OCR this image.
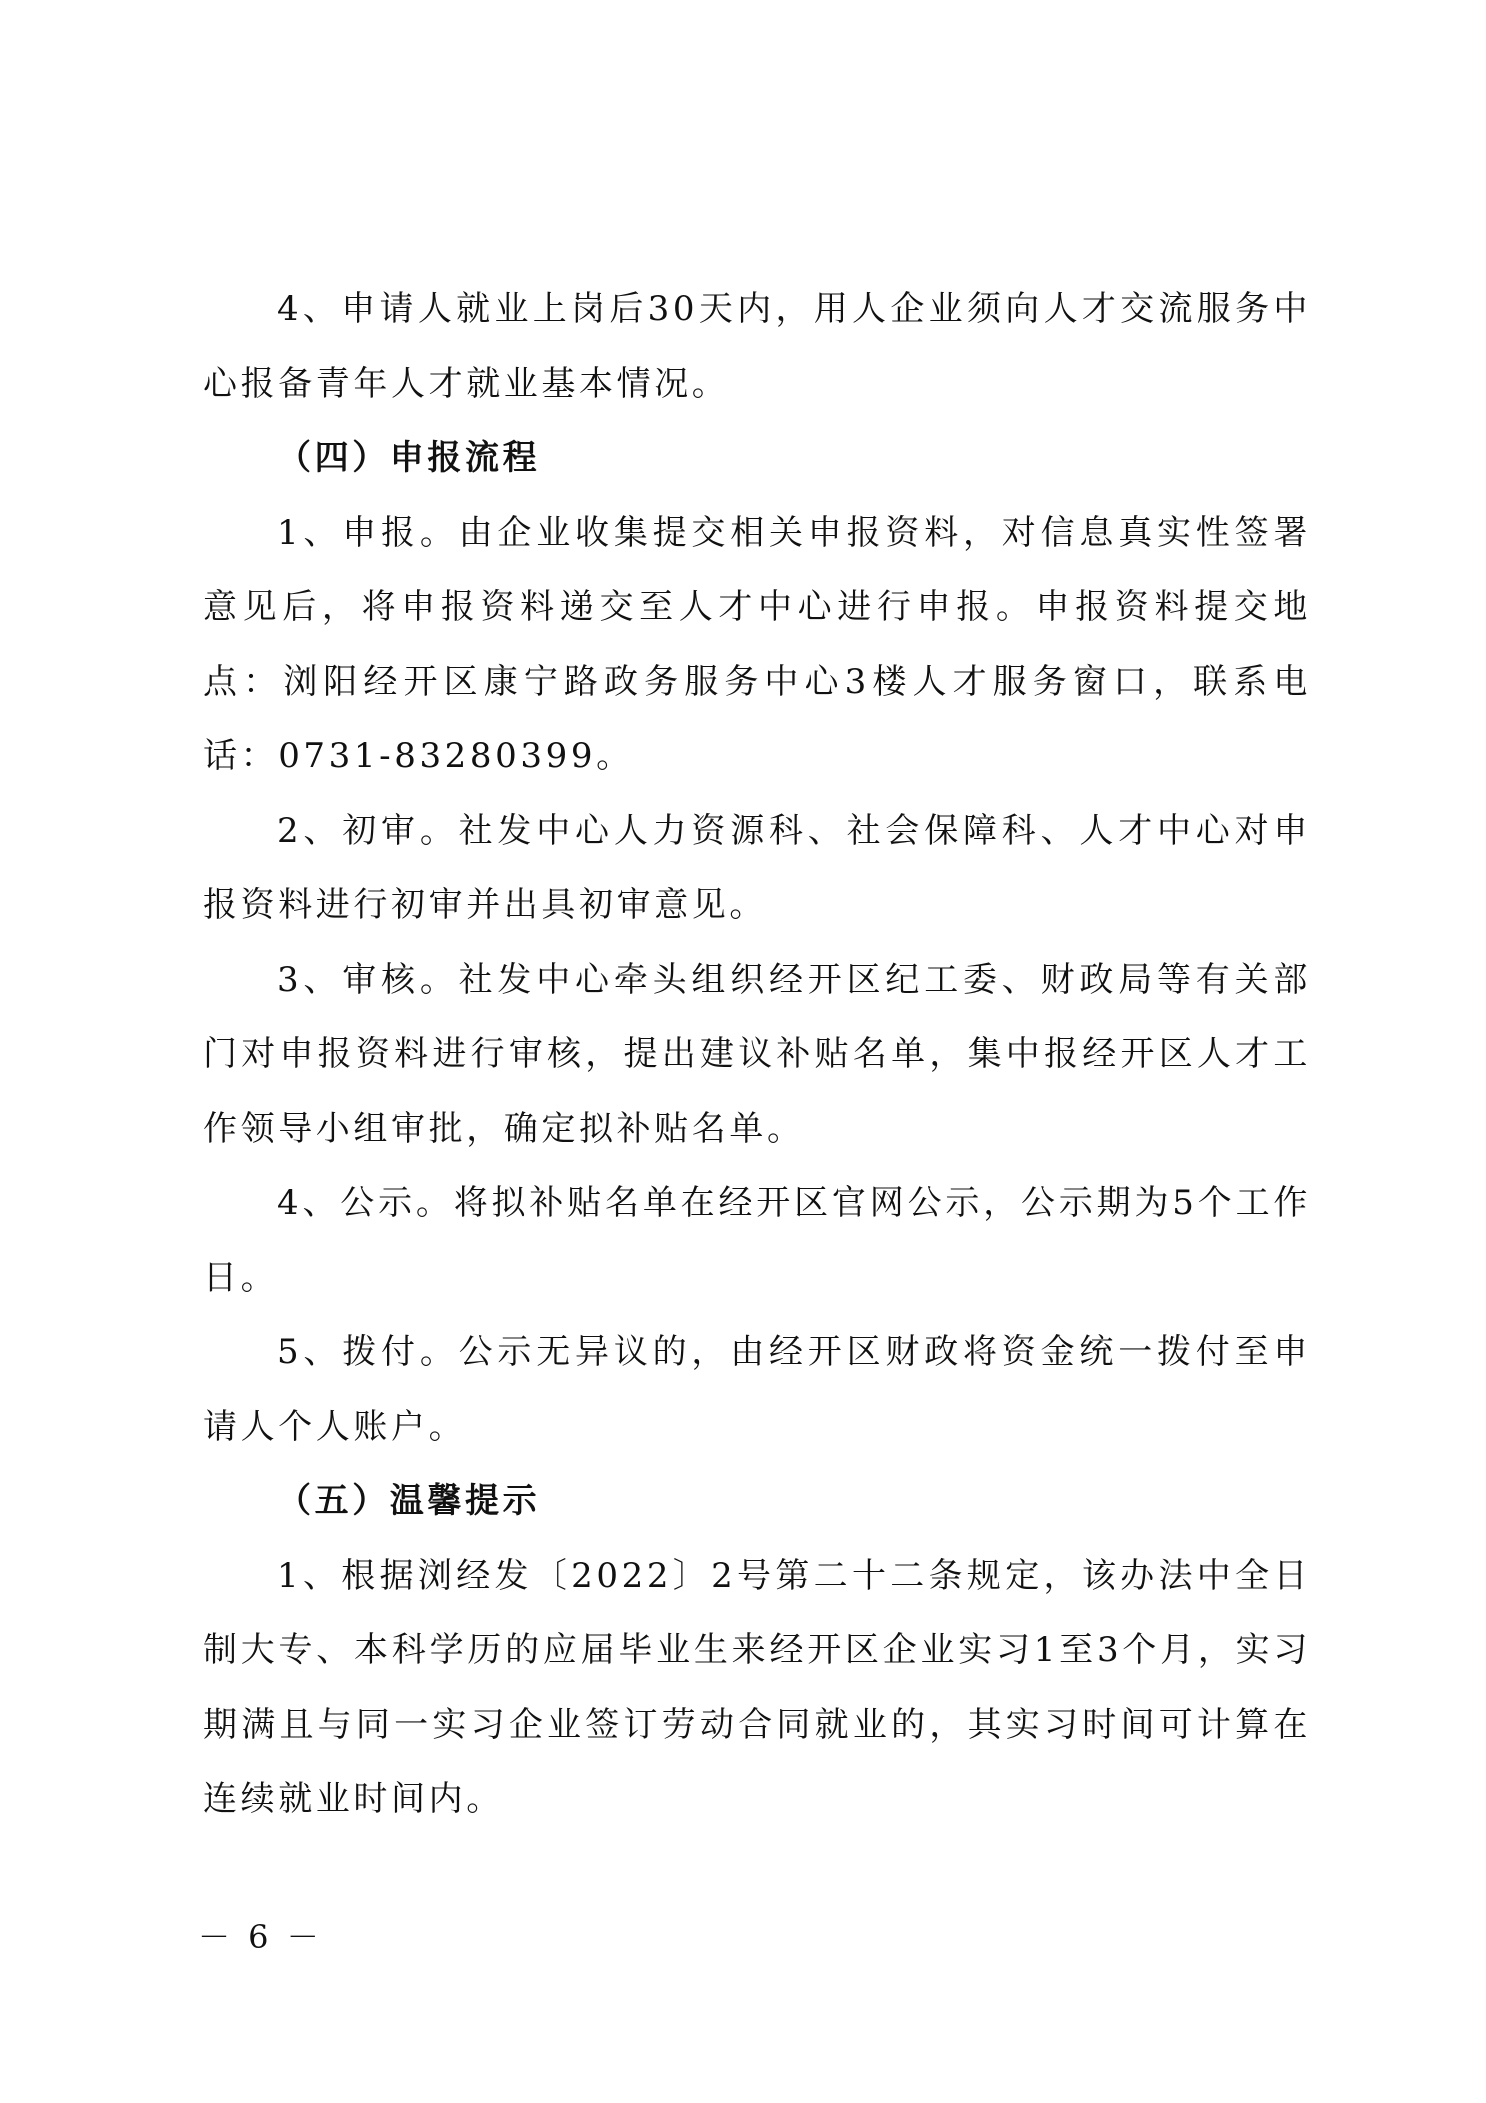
4、申请人就业上岗后30天内，用人企业须向人才交流服务中心报备青年人才就业基本情况。

（四）申报流程

1、申报。由企业收集提交相关申报资料，对信息真实性签署意见后，将申报资料递交至人才中心进行申报。申报资料提交地点：浏阳经开区康宁路政务服务中心3楼人才服务窗口，联系电话：0731-83280399。

2、初审。社发中心人力资源科、社会保障科、人才中心对申报资料进行初审并出具初审意见。

3、审核。社发中心牵头组织经开区纪工委、财政局等有关部门对申报资料进行审核，提出建议补贴名单，集中报经开区人才工作领导小组审批，确定拟补贴名单。

4、公示。将拟补贴名单在经开区官网公示，公示期为5个工作日。

5、拨付。公示无异议的，由经开区财政将资金统一拨付至申请人个人账户。

（五）温馨提示

1、根据浏经发〔2022〕2号第二十二条规定，该办法中全日制大专、本科学历的应届毕业生来经开区企业实习1至3个月，实习期满且与同一实习企业签订劳动合同就业的，其实习时间可计算在连续就业时间内。

－ 6 －
